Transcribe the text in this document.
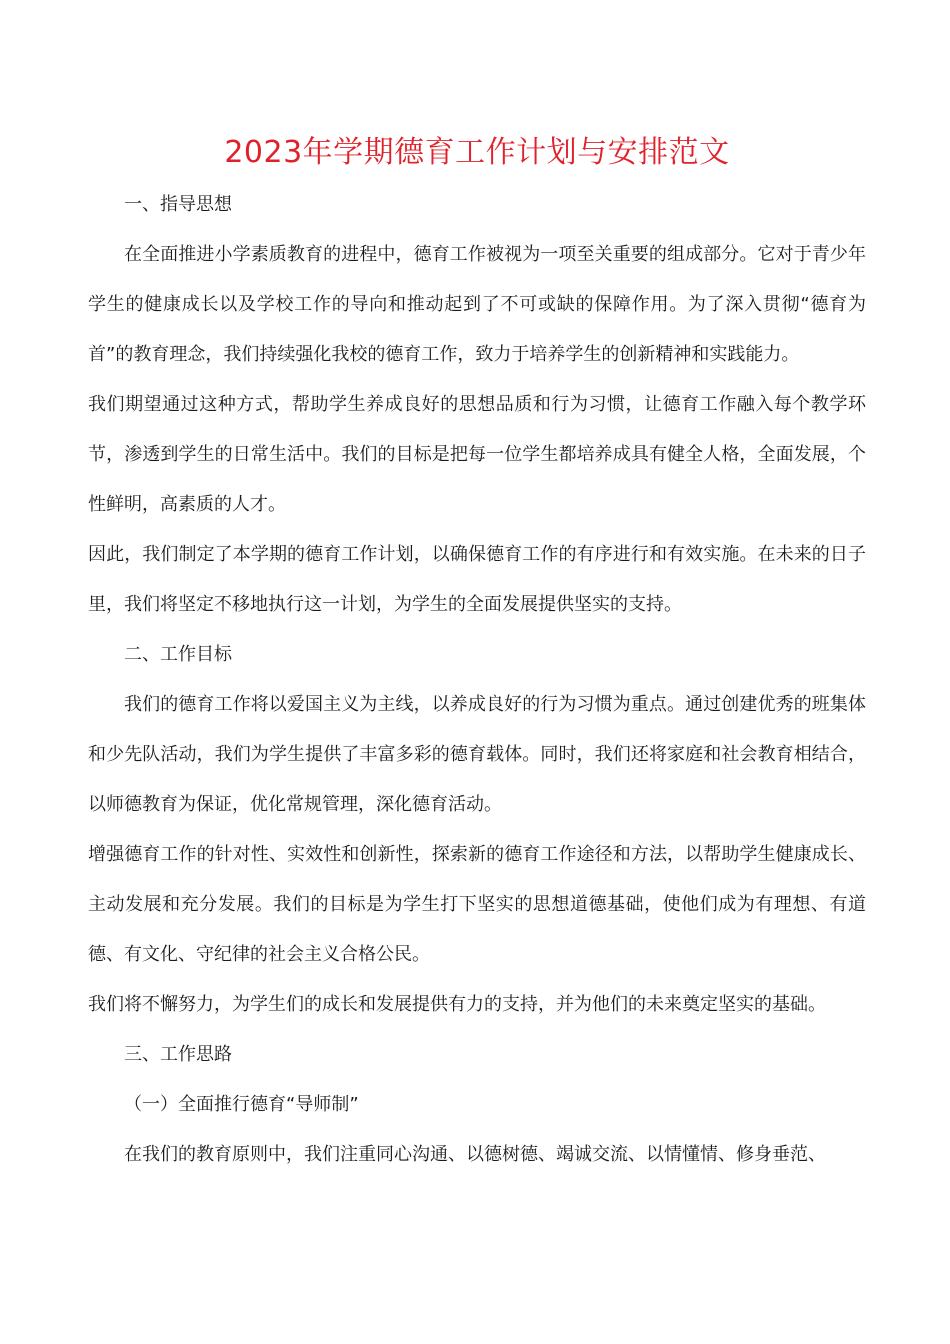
2023年学期德育工作计划与安排范文
一、指导思想

在全面推进小学素质教育的进程中，德育工作被视为一项至关重要的组成部分。它对于青少年学生的健康成长以及学校工作的导向和推动起到了不可或缺的保障作用。为了深入贯彻“德育为首”的教育理念，我们持续强化我校的德育工作，致力于培养学生的创新精神和实践能力。

我们期望通过这种方式，帮助学生养成良好的思想品质和行为习惯，让德育工作融入每个教学环节，渗透到学生的日常生活中。我们的目标是把每一位学生都培养成具有健全人格，全面发展，个性鲜明，高素质的人才。

因此，我们制定了本学期的德育工作计划，以确保德育工作的有序进行和有效实施。在未来的日子里，我们将坚定不移地执行这一计划，为学生的全面发展提供坚实的支持。

二、工作目标

我们的德育工作将以爱国主义为主线，以养成良好的行为习惯为重点。通过创建优秀的班集体和少先队活动，我们为学生提供了丰富多彩的德育载体。同时，我们还将家庭和社会教育相结合，以师德教育为保证，优化常规管理，深化德育活动。

增强德育工作的针对性、实效性和创新性，探索新的德育工作途径和方法，以帮助学生健康成长、主动发展和充分发展。我们的目标是为学生打下坚实的思想道德基础，使他们成为有理想、有道德、有文化、守纪律的社会主义合格公民。

我们将不懈努力，为学生们的成长和发展提供有力的支持，并为他们的未来奠定坚实的基础。

三、工作思路
（一）全面推行德育“导师制”

在我们的教育原则中，我们注重同心沟通、以德树德、竭诚交流、以情懂情、修身垂范、
